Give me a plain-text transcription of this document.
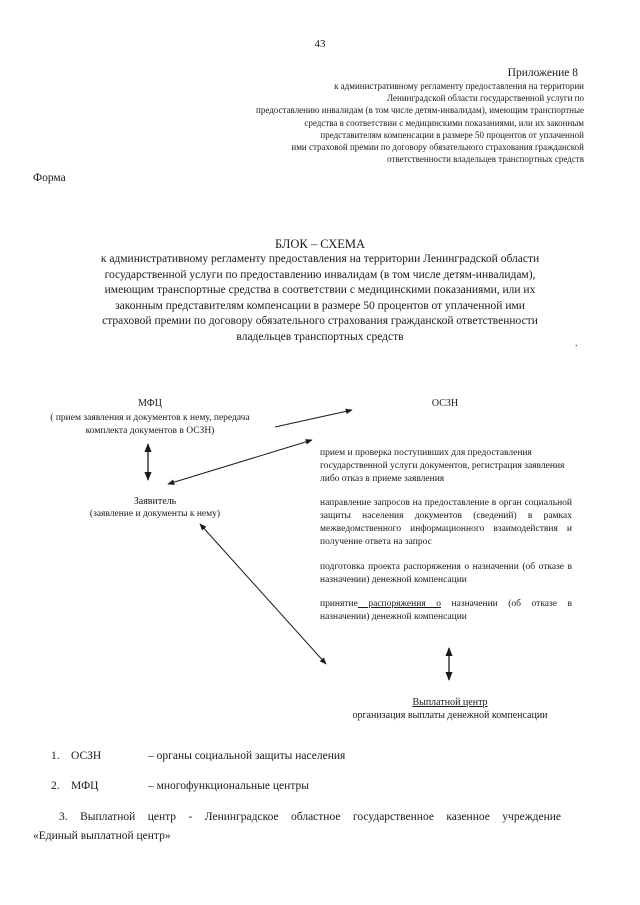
43
Приложение 8
к административному регламенту предоставления на территории
Ленинградской области государственной услуги по
предоставлению инвалидам (в том числе детям-инвалидам), имеющим транспортные
средства в соответствии с медицинскими показаниями, или их законным
представителям компенсации в размере 50 процентов от уплаченной
ими страховой премии по договору обязательного страхования гражданской
ответственности владельцев транспортных средств
Форма
БЛОК – СХЕМА
к административному регламенту предоставления на территории Ленинградской области
государственной услуги по предоставлению инвалидам (в том числе детям-инвалидам),
имеющим транспортные средства в соответствии с медицинскими показаниями, или их
законным представителям компенсации в размере 50 процентов от уплаченной ими
страховой премии по договору обязательного страхования гражданской ответственности
владельцев транспортных средств
.
МФЦ
( прием заявления и документов к нему, передача
комплекта документов в ОСЗН)
ОСЗН
Заявитель
(заявление и документы к нему)
прием и проверка поступивших для предоставления государственной услуги документов, регистрация заявления либо отказ в приеме заявления
направление запросов на предоставление в орган социальной защиты населения документов (сведений) в рамках межведомственного информационного взаимодействия и получение ответа на запрос
подготовка проекта распоряжения о назначении (об отказе в назначении) денежной компенсации
принятие распоряжения о назначении (об отказе в назначении) денежной компенсации
Выплатной центр
организация выплаты денежной компенсации
1. ОСЗН	– органы социальной защиты населения
2. МФЦ	– многофункциональные центры
3. Выплатной центр - Ленинградское областное государственное казенное учреждение
«Единый выплатной центр»
